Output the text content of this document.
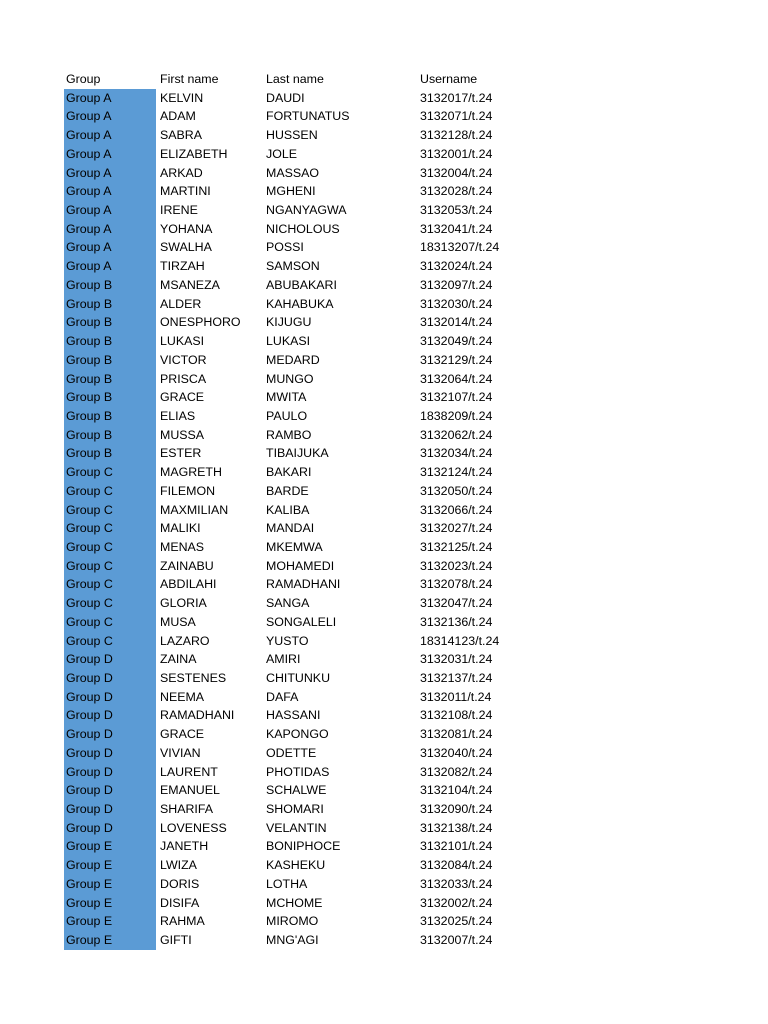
Group	First name	Last name	Username
Group A	KELVIN	DAUDI	3132017/t.24
Group A	ADAM	FORTUNATUS	3132071/t.24
Group A	SABRA	HUSSEN	3132128/t.24
Group A	ELIZABETH	JOLE	3132001/t.24
Group A	ARKAD	MASSAO	3132004/t.24
Group A	MARTINI	MGHENI	3132028/t.24
Group A	IRENE	NGANYAGWA	3132053/t.24
Group A	YOHANA	NICHOLOUS	3132041/t.24
Group A	SWALHA	POSSI	18313207/t.24
Group A	TIRZAH	SAMSON	3132024/t.24
Group B	MSANEZA	ABUBAKARI	3132097/t.24
Group B	ALDER	KAHABUKA	3132030/t.24
Group B	ONESPHORO	KIJUGU	3132014/t.24
Group B	LUKASI	LUKASI	3132049/t.24
Group B	VICTOR	MEDARD	3132129/t.24
Group B	PRISCA	MUNGO	3132064/t.24
Group B	GRACE	MWITA	3132107/t.24
Group B	ELIAS	PAULO	1838209/t.24
Group B	MUSSA	RAMBO	3132062/t.24
Group B	ESTER	TIBAIJUKA	3132034/t.24
Group C	MAGRETH	BAKARI	3132124/t.24
Group C	FILEMON	BARDE	3132050/t.24
Group C	MAXMILIAN	KALIBA	3132066/t.24
Group C	MALIKI	MANDAI	3132027/t.24
Group C	MENAS	MKEMWA	3132125/t.24
Group C	ZAINABU	MOHAMEDI	3132023/t.24
Group C	ABDILAHI	RAMADHANI	3132078/t.24
Group C	GLORIA	SANGA	3132047/t.24
Group C	MUSA	SONGALELI	3132136/t.24
Group C	LAZARO	YUSTO	18314123/t.24
Group D	ZAINA	AMIRI	3132031/t.24
Group D	SESTENES	CHITUNKU	3132137/t.24
Group D	NEEMA	DAFA	3132011/t.24
Group D	RAMADHANI	HASSANI	3132108/t.24
Group D	GRACE	KAPONGO	3132081/t.24
Group D	VIVIAN	ODETTE	3132040/t.24
Group D	LAURENT	PHOTIDAS	3132082/t.24
Group D	EMANUEL	SCHALWE	3132104/t.24
Group D	SHARIFA	SHOMARI	3132090/t.24
Group D	LOVENESS	VELANTIN	3132138/t.24
Group E	JANETH	BONIPHOCE	3132101/t.24
Group E	LWIZA	KASHEKU	3132084/t.24
Group E	DORIS	LOTHA	3132033/t.24
Group E	DISIFA	MCHOME	3132002/t.24
Group E	RAHMA	MIROMO	3132025/t.24
Group E	GIFTI	MNG'AGI	3132007/t.24
